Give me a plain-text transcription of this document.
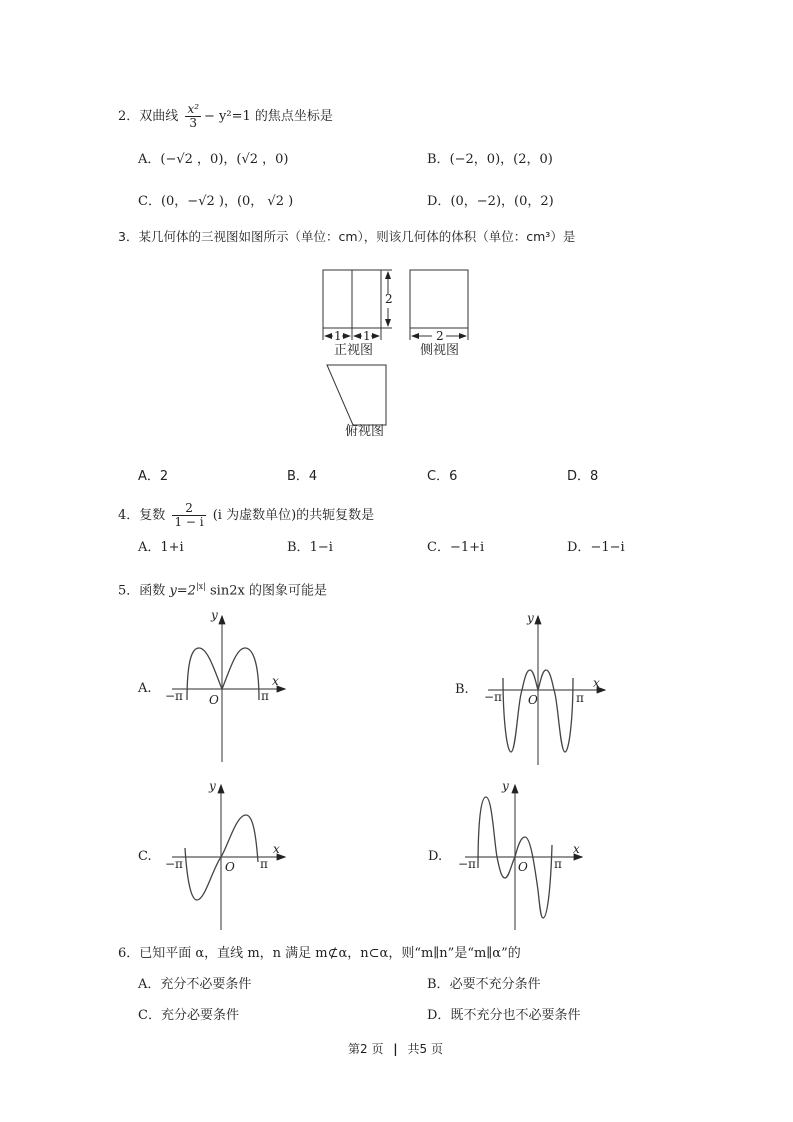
2．双曲线 $\frac{\text{x²}}{3} - y^2=1$ 的焦点坐标是
A．(−√2 ，0)，(√2 ，0)	B．(−2，0)，(2，0)
C．(0，−√2 )，(0， √2 )	D．(0，−2)，(0，2)
3．某几何体的三视图如图所示（单位：cm），则该几何体的体积（单位：cm³）是
2
1 1	2
正视图	侧视图
俯视图
A．2	B．4	C．6	D．8
4．复数 $\frac{2}{1 - i} (i$ 为虚数单位)的共轭复数是
A．1+i	B．1−i	C．−1+i	D．−1−i
5．函数 $y=2^{|x|}$ sin2x 的图象可能是
A.
y
x
−π	π
O
B.
y
x
−π	π
O
C.
y
x
−π	π
O
D.
y
x
−π	π
O
6．已知平面 α，直线 m，n 满足 m⊄α，n⊂α，则“m∥n”是“m∥α”的
A．充分不必要条件	B．必要不充分条件
C．充分必要条件	D．既不充分也不必要条件
第2 页 | 共5 页
